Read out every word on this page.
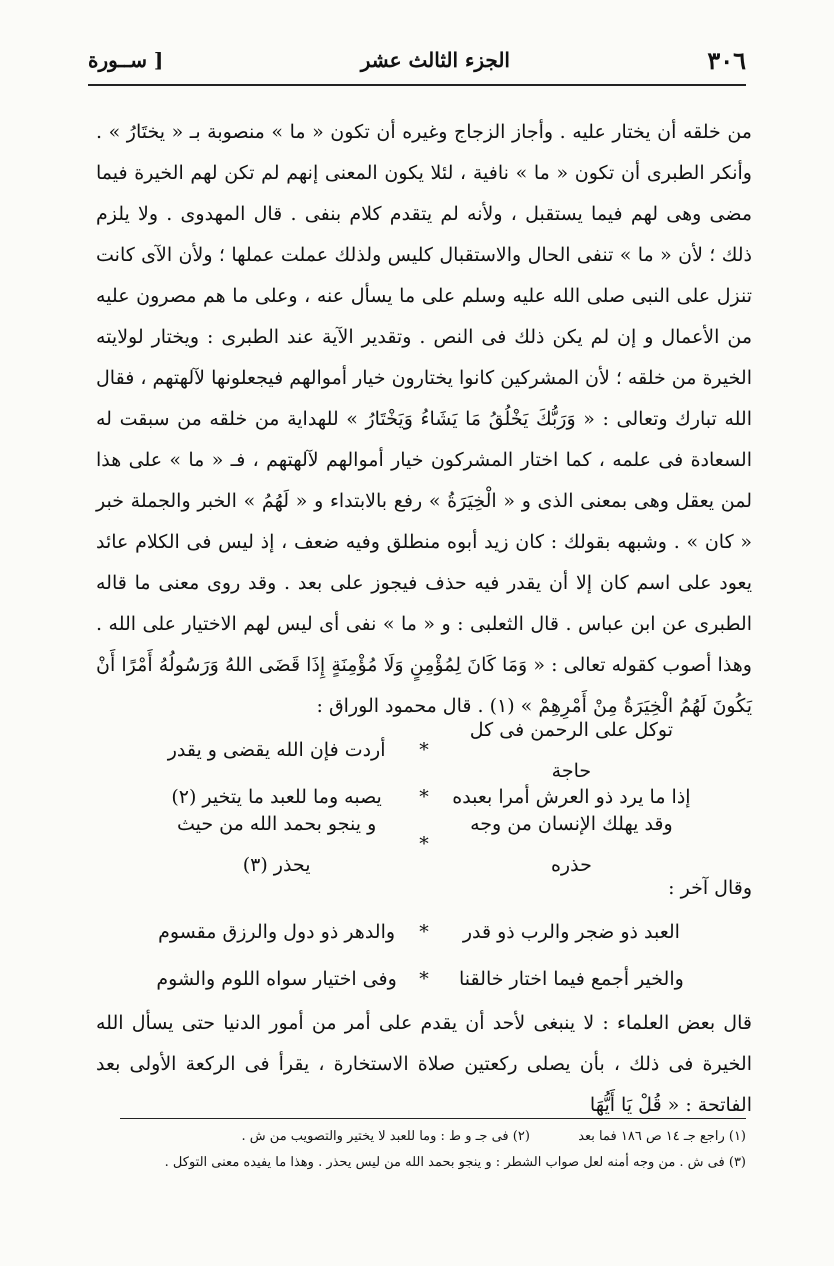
٣٠٦
الجزء الثالث عشر
[ ســورة

من خلقه أن يختار عليه . وأجاز الزجاج وغيره أن تكون « ما » منصوبة بـ « يختَارُ » . وأنكر الطبرى أن تكون « ما » نافية ، لئلا يكون المعنى إنهم لم تكن لهم الخيرة فيما مضى وهى لهم فيما يستقبل ، ولأنه لم يتقدم كلام بنفى . قال المهدوى . ولا يلزم ذلك ؛ لأن « ما » تنفى الحال والاستقبال كليس ولذلك عملت عملها ؛ ولأن الآى كانت تنزل على النبى صلى الله عليه وسلم على ما يسأل عنه ، وعلى ما هم مصرون عليه من الأعمال و إن لم يكن ذلك فى النص . وتقدير الآية عند الطبرى : ويختار لولايته الخيرة من خلقه ؛ لأن المشركين كانوا يختارون خيار أموالهم فيجعلونها لآلهتهم ، فقال الله تبارك وتعالى : « وَرَبُّكَ يَخْلُقُ مَا يَشَاءُ وَيَخْتَارُ » للهداية من خلقه من سبقت له السعادة فى علمه ، كما اختار المشركون خيار أموالهم لآلهتهم ، فـ « ما » على هذا لمن يعقل وهى بمعنى الذى و « الْخِيَرَةُ » رفع بالابتداء و « لَهُمُ » الخبر والجملة خبر « كان » . وشبهه بقولك : كان زيد أبوه منطلق وفيه ضعف ، إذ ليس فى الكلام عائد يعود على اسم كان إلا أن يقدر فيه حذف فيجوز على بعد . وقد روى معنى ما قاله الطبرى عن ابن عباس . قال الثعلبى : و « ما » نفى أى ليس لهم الاختيار على الله . وهذا أصوب كقوله تعالى : « وَمَا كَانَ لِمُؤْمِنٍ وَلَا مُؤْمِنَةٍ إِذَا قَضَى اللهُ وَرَسُولُهُ أَمْرًا أَنْ يَكُونَ لَهُمُ الْخِيَرَةُ مِنْ أَمْرِهِمْ » (١) . قال محمود الوراق :

توكل على الرحمن فى كل حاجة
*
أردت فإن الله يقضى و يقدر
إذا ما يرد ذو العرش أمرا بعبده
*
يصبه وما للعبد ما يتخير (٢)
وقد يهلك الإنسان من وجه حذره
*
و ينجو بحمد الله من حيث يحذر (٣)

وقال آخر :

العبد ذو ضجر والرب ذو قدر
*
والدهر ذو دول والرزق مقسوم
والخير أجمع فيما اختار خالقنا
*
وفى اختيار سواه اللوم والشوم

قال بعض العلماء : لا ينبغى لأحد أن يقدم على أمر من أمور الدنيا حتى يسأل الله الخيرة فى ذلك ، بأن يصلى ركعتين صلاة الاستخارة ، يقرأ فى الركعة الأولى بعد الفاتحة : « قُلْ يَا أَيُّهَا

(١) راجع جـ ١٤ ص ١٨٦ فما بعد  (٢) فى جـ و ط : وما للعبد لا يختير والتصويب من ش .
(٣) فى ش . من وجه أمنه لعل صواب الشطر : و ينجو بحمد الله من ليس يحذر . وهذا ما يفيده معنى التوكل .
